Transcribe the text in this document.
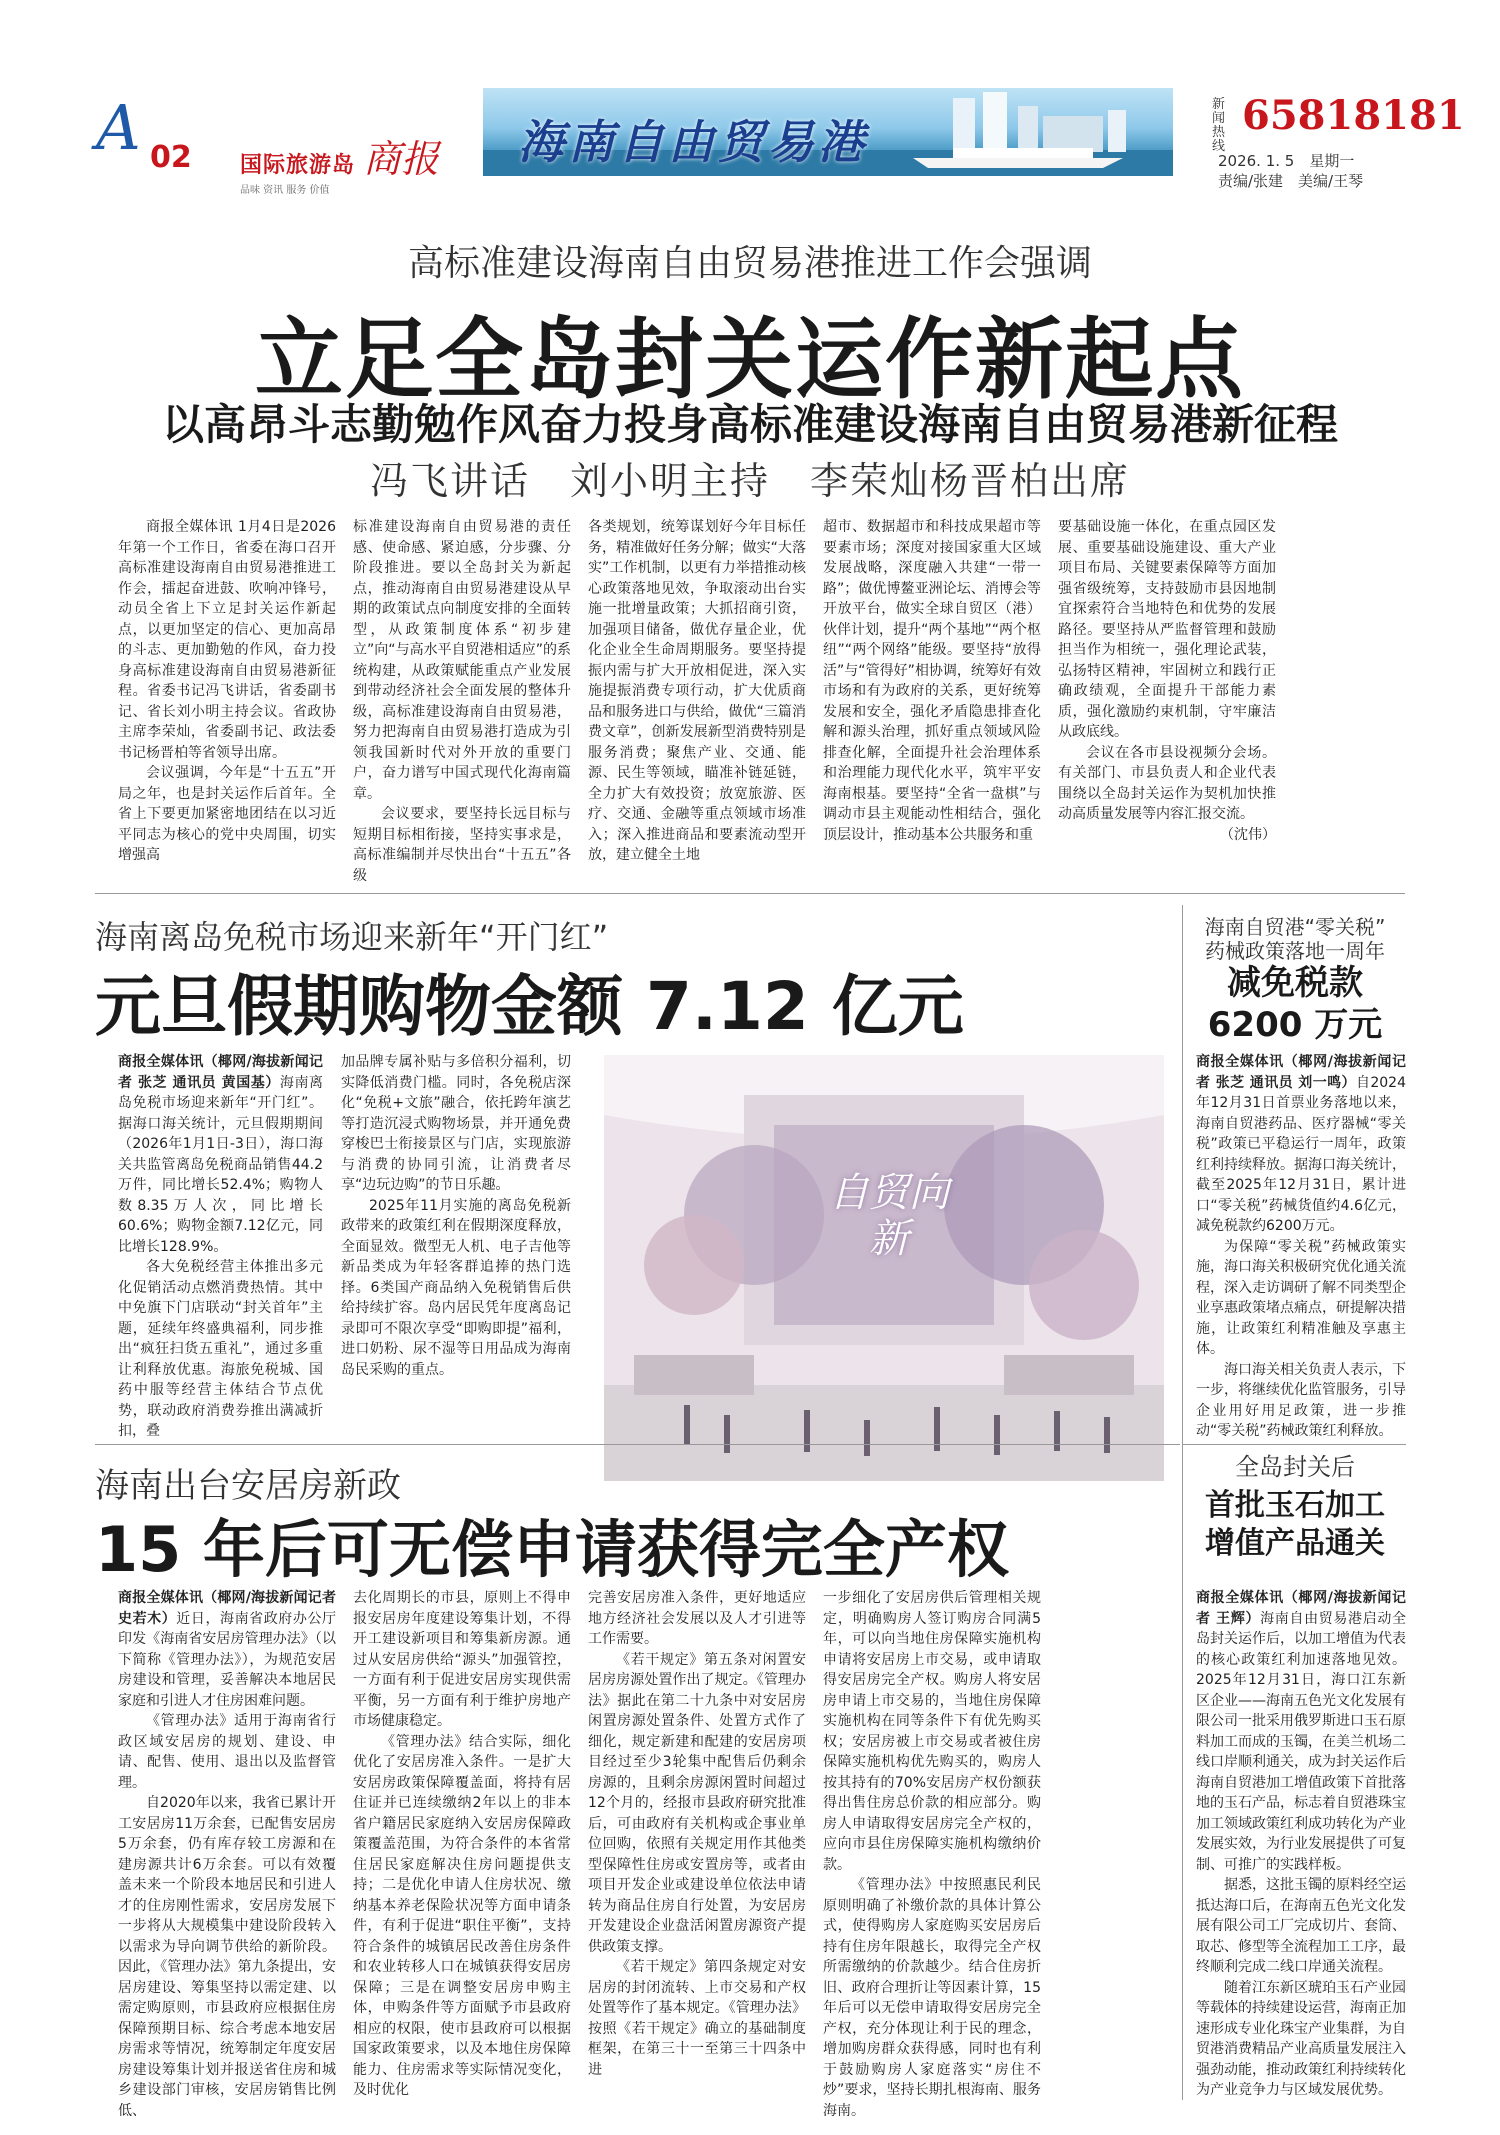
A 02 国际旅游岛 商报
品味 资讯 服务 价值
海南自由贸易港
新闻热线
65818181
2026. 1. 5　星期一
责编/张建　美编/王琴
高标准建设海南自由贸易港推进工作会强调
立足全岛封关运作新起点
以高昂斗志勤勉作风奋力投身高标准建设海南自由贸易港新征程
冯飞讲话　刘小明主持　李荣灿杨晋柏出席

商报全媒体讯 1月4日是2026年第一个工作日，省委在海口召开高标准建设海南自由贸易港推进工作会，擂起奋进鼓、吹响冲锋号，动员全省上下立足封关运作新起点，以更加坚定的信心、更加高昂的斗志、更加勤勉的作风，奋力投身高标准建设海南自由贸易港新征程。省委书记冯飞讲话，省委副书记、省长刘小明主持会议。省政协主席李荣灿，省委副书记、政法委书记杨晋柏等省领导出席。

会议强调，今年是“十五五”开局之年，也是封关运作后首年。全省上下要更加紧密地团结在以习近平同志为核心的党中央周围，切实增强高

标准建设海南自由贸易港的责任感、使命感、紧迫感，分步骤、分阶段推进。要以全岛封关为新起点，推动海南自由贸易港建设从早期的政策试点向制度安排的全面转型，从政策制度体系“初步建立”向“与高水平自贸港相适应”的系统构建，从政策赋能重点产业发展到带动经济社会全面发展的整体升级，高标准建设海南自由贸易港，努力把海南自由贸易港打造成为引领我国新时代对外开放的重要门户，奋力谱写中国式现代化海南篇章。

会议要求，要坚持长远目标与短期目标相衔接，坚持实事求是，高标准编制并尽快出台“十五五”各级

各类规划，统筹谋划好今年目标任务，精准做好任务分解；做实“大落实”工作机制，以更有力举措推动核心政策落地见效，争取滚动出台实施一批增量政策；大抓招商引资，加强项目储备，做优存量企业，优化企业全生命周期服务。要坚持提振内需与扩大开放相促进，深入实施提振消费专项行动，扩大优质商品和服务进口与供给，做优“三篇消费文章”，创新发展新型消费特别是服务消费；聚焦产业、交通、能源、民生等领域，瞄准补链延链，全力扩大有效投资；放宽旅游、医疗、交通、金融等重点领域市场准入；深入推进商品和要素流动型开放，建立健全土地

超市、数据超市和科技成果超市等要素市场；深度对接国家重大区域发展战略，深度融入共建“一带一路”；做优博鳌亚洲论坛、消博会等开放平台，做实全球自贸区（港）伙伴计划，提升“两个基地”“两个枢纽”“两个网络”能级。要坚持“放得活”与“管得好”相协调，统筹好有效市场和有为政府的关系，更好统筹发展和安全，强化矛盾隐患排查化解和源头治理，抓好重点领域风险排查化解，全面提升社会治理体系和治理能力现代化水平，筑牢平安海南根基。要坚持“全省一盘棋”与调动市县主观能动性相结合，强化顶层设计，推动基本公共服务和重

要基础设施一体化，在重点园区发展、重要基础设施建设、重大产业项目布局、关键要素保障等方面加强省级统筹，支持鼓励市县因地制宜探索符合当地特色和优势的发展路径。要坚持从严监督管理和鼓励担当作为相统一，强化理论武装，弘扬特区精神，牢固树立和践行正确政绩观，全面提升干部能力素质，强化激励约束机制，守牢廉洁从政底线。

会议在各市县设视频分会场。有关部门、市县负责人和企业代表围绕以全岛封关运作为契机加快推动高质量发展等内容汇报交流。

（沈伟）
海南离岛免税市场迎来新年“开门红”
元旦假期购物金额 7.12 亿元

商报全媒体讯（椰网/海拔新闻记者 张芝 通讯员 黄国基）海南离岛免税市场迎来新年“开门红”。据海口海关统计，元旦假期期间（2026年1月1日-3日），海口海关共监管离岛免税商品销售44.2万件，同比增长52.4%；购物人数8.35万人次，同比增长60.6%；购物金额7.12亿元，同比增长128.9%。

各大免税经营主体推出多元化促销活动点燃消费热情。其中中免旗下门店联动“封关首年”主题，延续年终盛典福利，同步推出“疯狂扫货五重礼”，通过多重让利释放优惠。海旅免税城、国药中服等经营主体结合节点优势，联动政府消费券推出满减折扣，叠

加品牌专属补贴与多倍积分福利，切实降低消费门槛。同时，各免税店深化“免税+文旅”融合，依托跨年演艺等打造沉浸式购物场景，并开通免费穿梭巴士衔接景区与门店，实现旅游与消费的协同引流，让消费者尽享“边玩边购”的节日乐趣。

2025年11月实施的离岛免税新政带来的政策红利在假期深度释放，全面显效。微型无人机、电子吉他等新品类成为年轻客群追捧的热门选择。6类国产商品纳入免税销售后供给持续扩容。岛内居民凭年度离岛记录即可不限次享受“即购即提”福利，进口奶粉、尿不湿等日用品成为海南岛民采购的重点。

自贸向新
海南自贸港“零关税”
药械政策落地一周年
减免税款
6200 万元

商报全媒体讯（椰网/海拔新闻记者 张芝 通讯员 刘一鸣）自2024年12月31日首票业务落地以来，海南自贸港药品、医疗器械“零关税”政策已平稳运行一周年，政策红利持续释放。据海口海关统计，截至2025年12月31日，累计进口“零关税”药械货值约4.6亿元，减免税款约6200万元。

为保障“零关税”药械政策实施，海口海关积极研究优化通关流程，深入走访调研了解不同类型企业享惠政策堵点痛点，研提解决措施，让政策红利精准触及享惠主体。

海口海关相关负责人表示，下一步，将继续优化监管服务，引导企业用好用足政策，进一步推动“零关税”药械政策红利释放。

海南出台安居房新政
15 年后可无偿申请获得完全产权

商报全媒体讯（椰网/海拔新闻记者 史若木）近日，海南省政府办公厅印发《海南省安居房管理办法》（以下简称《管理办法》），为规范安居房建设和管理，妥善解决本地居民家庭和引进人才住房困难问题。

《管理办法》适用于海南省行政区域安居房的规划、建设、申请、配售、使用、退出以及监督管理。

自2020年以来，我省已累计开工安居房11万余套，已配售安居房5万余套，仍有库存较工房源和在建房源共计6万余套。可以有效覆盖未来一个阶段本地居民和引进人才的住房刚性需求，安居房发展下一步将从大规模集中建设阶段转入以需求为导向调节供给的新阶段。因此，《管理办法》第九条提出，安居房建设、筹集坚持以需定建、以需定购原则，市县政府应根据住房保障预期目标、综合考虑本地安居房需求等情况，统筹制定年度安居房建设筹集计划并报送省住房和城乡建设部门审核，安居房销售比例低、

去化周期长的市县，原则上不得申报安居房年度建设筹集计划，不得开工建设新项目和筹集新房源。通过从安居房供给“源头”加强管控，一方面有利于促进安居房实现供需平衡，另一方面有利于维护房地产市场健康稳定。

《管理办法》结合实际，细化优化了安居房准入条件。一是扩大安居房政策保障覆盖面，将持有居住证并已连续缴纳2年以上的非本省户籍居民家庭纳入安居房保障政策覆盖范围，为符合条件的本省常住居民家庭解决住房问题提供支持；二是优化申请人住房状况、缴纳基本养老保险状况等方面申请条件，有利于促进“职住平衡”，支持符合条件的城镇居民改善住房条件和农业转移人口在城镇获得安居房保障；三是在调整安居房申购主体，申购条件等方面赋予市县政府相应的权限，使市县政府可以根据国家政策要求，以及本地住房保障能力、住房需求等实际情况变化，及时优化

完善安居房准入条件，更好地适应地方经济社会发展以及人才引进等工作需要。

《若干规定》第五条对闲置安居房房源处置作出了规定。《管理办法》据此在第二十九条中对安居房闲置房源处置条件、处置方式作了细化，规定新建和配建的安居房项目经过至少3轮集中配售后仍剩余房源的，且剩余房源闲置时间超过12个月的，经报市县政府研究批准后，可由政府有关机构或企事业单位回购，依照有关规定用作其他类型保障性住房或安置房等，或者由项目开发企业或建设单位依法申请转为商品住房自行处置，为安居房开发建设企业盘活闲置房源资产提供政策支撑。

《若干规定》第四条规定对安居房的封闭流转、上市交易和产权处置等作了基本规定。《管理办法》按照《若干规定》确立的基础制度框架，在第三十一至第三十四条中进

一步细化了安居房供后管理相关规定，明确购房人签订购房合同满5年，可以向当地住房保障实施机构申请将安居房上市交易，或申请取得安居房完全产权。购房人将安居房申请上市交易的，当地住房保障实施机构在同等条件下有优先购买权；安居房被上市交易或者被住房保障实施机构优先购买的，购房人按其持有的70%安居房产权份额获得出售住房总价款的相应部分。购房人申请取得安居房完全产权的，应向市县住房保障实施机构缴纳价款。

《管理办法》中按照惠民利民原则明确了补缴价款的具体计算公式，使得购房人家庭购买安居房后持有住房年限越长，取得完全产权所需缴纳的价款越少。结合住房折旧、政府合理折让等因素计算，15年后可以无偿申请取得安居房完全产权，充分体现让利于民的理念，增加购房群众获得感，同时也有利于鼓励购房人家庭落实“房住不炒”要求，坚持长期扎根海南、服务海南。

全岛封关后
首批玉石加工
增值产品通关

商报全媒体讯（椰网/海拔新闻记者 王辉）海南自由贸易港启动全岛封关运作后，以加工增值为代表的核心政策红利加速落地见效。2025年12月31日，海口江东新区企业——海南五色光文化发展有限公司一批采用俄罗斯进口玉石原料加工而成的玉镯，在美兰机场二线口岸顺利通关，成为封关运作后海南自贸港加工增值政策下首批落地的玉石产品，标志着自贸港珠宝加工领域政策红利成功转化为产业发展实效，为行业发展提供了可复制、可推广的实践样板。

据悉，这批玉镯的原料经空运抵达海口后，在海南五色光文化发展有限公司工厂完成切片、套筒、取芯、修型等全流程加工工序，最终顺利完成二线口岸通关流程。

随着江东新区琥珀玉石产业园等载体的持续建设运营，海南正加速形成专业化珠宝产业集群，为自贸港消费精品产业高质量发展注入强劲动能，推动政策红利持续转化为产业竞争力与区域发展优势。
